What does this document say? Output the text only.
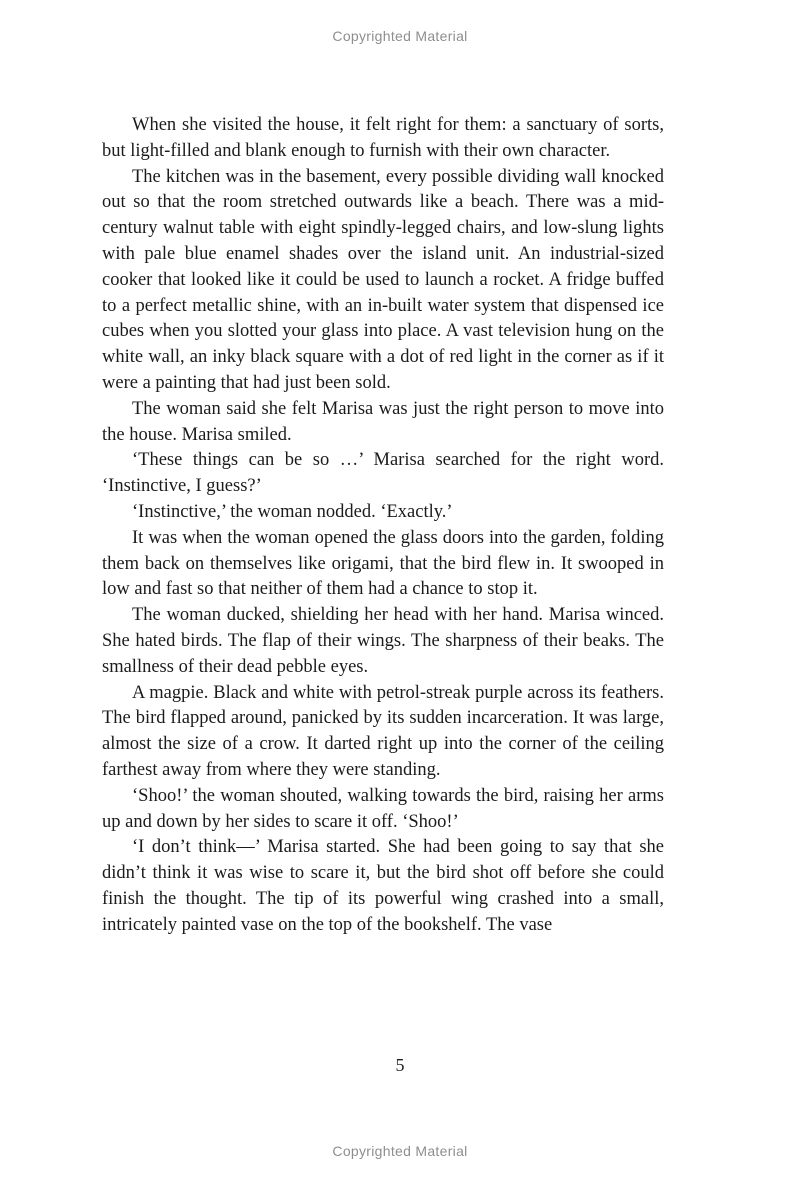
Copyrighted Material

When she visited the house, it felt right for them: a sanctuary of sorts, but light-filled and blank enough to furnish with their own character.

The kitchen was in the basement, every possible dividing wall knocked out so that the room stretched outwards like a beach. There was a mid-century walnut table with eight spindly-legged chairs, and low-slung lights with pale blue enamel shades over the island unit. An industrial-sized cooker that looked like it could be used to launch a rocket. A fridge buffed to a perfect metallic shine, with an in-built water system that dispensed ice cubes when you slotted your glass into place. A vast television hung on the white wall, an inky black square with a dot of red light in the corner as if it were a painting that had just been sold.

The woman said she felt Marisa was just the right person to move into the house. Marisa smiled.

‘These things can be so …’ Marisa searched for the right word. ‘Instinctive, I guess?’

‘Instinctive,’ the woman nodded. ‘Exactly.’

It was when the woman opened the glass doors into the garden, folding them back on themselves like origami, that the bird flew in. It swooped in low and fast so that neither of them had a chance to stop it.

The woman ducked, shielding her head with her hand. Marisa winced. She hated birds. The flap of their wings. The sharpness of their beaks. The smallness of their dead pebble eyes.

A magpie. Black and white with petrol-streak purple across its feathers. The bird flapped around, panicked by its sudden incarceration. It was large, almost the size of a crow. It darted right up into the corner of the ceiling farthest away from where they were standing.

‘Shoo!’ the woman shouted, walking towards the bird, raising her arms up and down by her sides to scare it off. ‘Shoo!’

‘I don’t think—’ Marisa started. She had been going to say that she didn’t think it was wise to scare it, but the bird shot off before she could finish the thought. The tip of its powerful wing crashed into a small, intricately painted vase on the top of the bookshelf. The vase

5
Copyrighted Material
